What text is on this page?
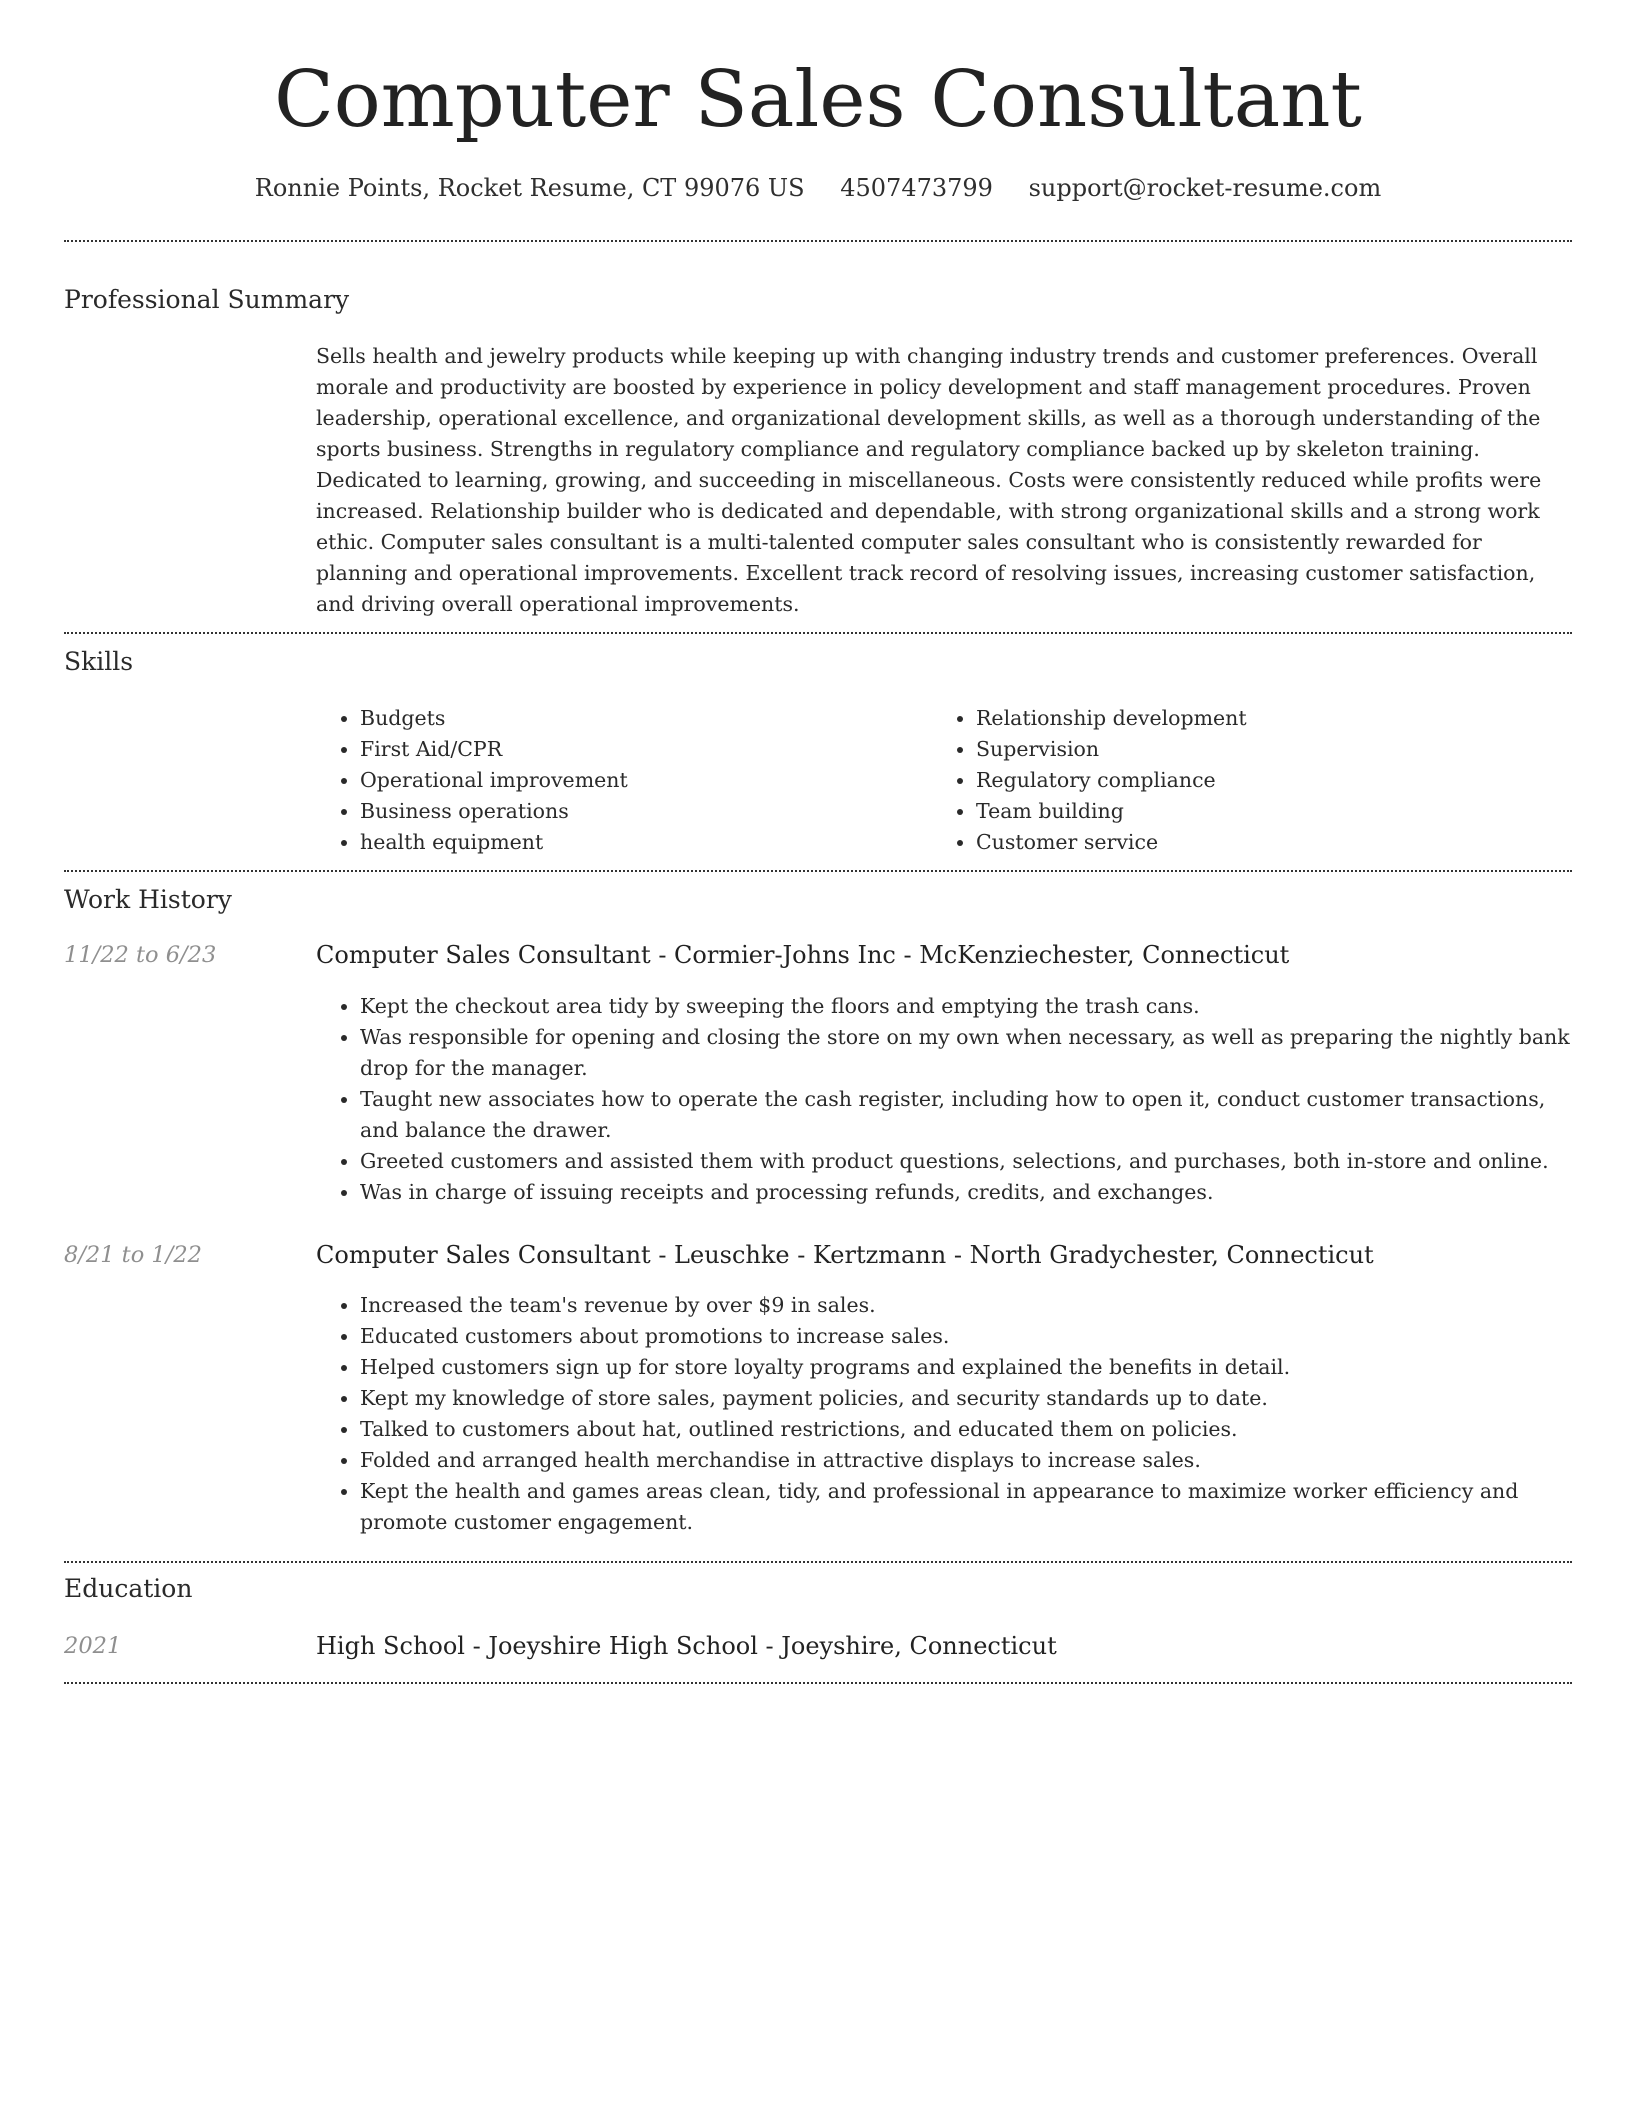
Computer Sales Consultant
Ronnie Points, Rocket Resume, CT 99076 US 4507473799 support@rocket-resume.com
Professional Summary
Sells health and jewelry products while keeping up with changing industry trends and customer preferences. Overall morale and productivity are boosted by experience in policy development and staff management procedures. Proven leadership, operational excellence, and organizational development skills, as well as a thorough understanding of the sports business. Strengths in regulatory compliance and regulatory compliance backed up by skeleton training. Dedicated to learning, growing, and succeeding in miscellaneous. Costs were consistently reduced while profits were increased. Relationship builder who is dedicated and dependable, with strong organizational skills and a strong work ethic. Computer sales consultant is a multi-talented computer sales consultant who is consistently rewarded for planning and operational improvements. Excellent track record of resolving issues, increasing customer satisfaction, and driving overall operational improvements.
Skills
• Budgets
• First Aid/CPR
• Operational improvement
• Business operations
• health equipment
• Relationship development
• Supervision
• Regulatory compliance
• Team building
• Customer service
Work History
11/22 to 6/23	Computer Sales Consultant - Cormier-Johns Inc - McKenziechester, Connecticut
• Kept the checkout area tidy by sweeping the floors and emptying the trash cans.
• Was responsible for opening and closing the store on my own when necessary, as well as preparing the nightly bank drop for the manager.
• Taught new associates how to operate the cash register, including how to open it, conduct customer transactions, and balance the drawer.
• Greeted customers and assisted them with product questions, selections, and purchases, both in-store and online.
• Was in charge of issuing receipts and processing refunds, credits, and exchanges.
8/21 to 1/22	Computer Sales Consultant - Leuschke - Kertzmann - North Gradychester, Connecticut
• Increased the team's revenue by over $9 in sales.
• Educated customers about promotions to increase sales.
• Helped customers sign up for store loyalty programs and explained the benefits in detail.
• Kept my knowledge of store sales, payment policies, and security standards up to date.
• Talked to customers about hat, outlined restrictions, and educated them on policies.
• Folded and arranged health merchandise in attractive displays to increase sales.
• Kept the health and games areas clean, tidy, and professional in appearance to maximize worker efficiency and promote customer engagement.
Education
2021	High School - Joeyshire High School - Joeyshire, Connecticut
